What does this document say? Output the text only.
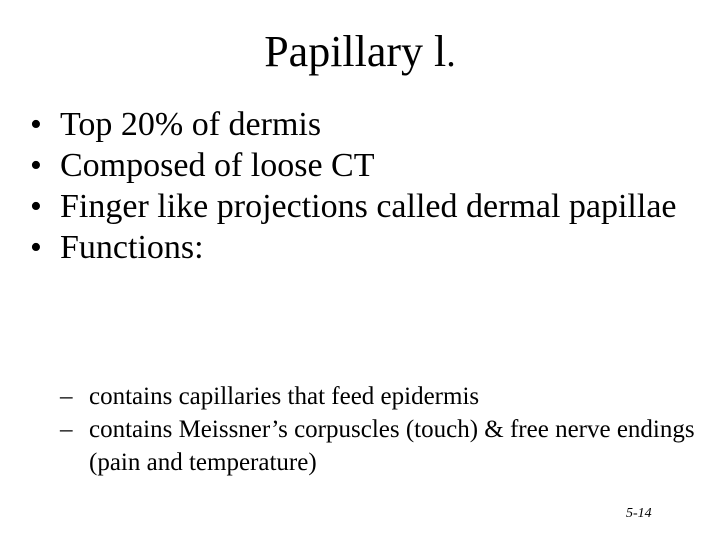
Papillary l.
• Top 20% of dermis
• Composed of loose CT
• Finger like projections called dermal papillae
• Functions:
– contains capillaries that feed epidermis
– contains Meissner’s corpuscles (touch) & free nerve endings (pain and temperature)
5-14
